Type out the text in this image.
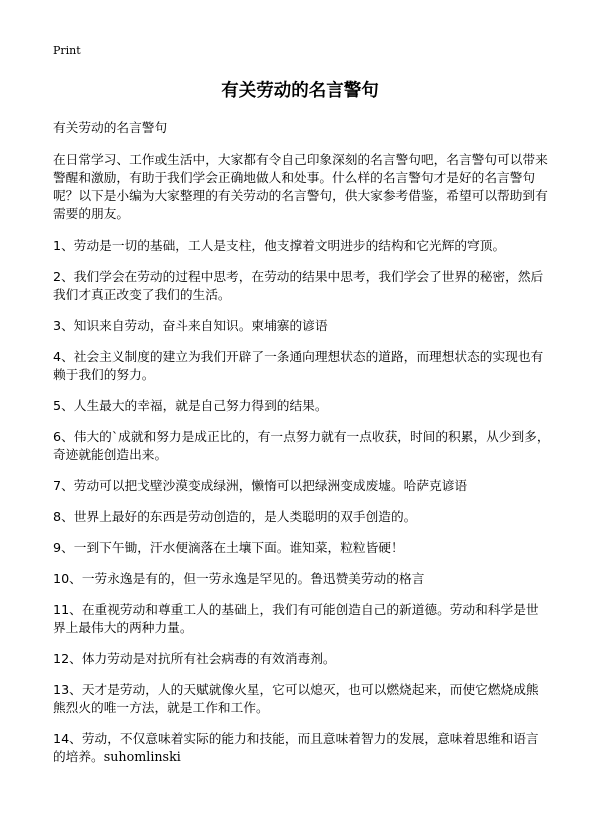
Print
有关劳动的名言警句

有关劳动的名言警句

在日常学习、工作或生活中，大家都有令自己印象深刻的名言警句吧，名言警句可以带来警醒和激励，有助于我们学会正确地做人和处事。什么样的名言警句才是好的名言警句呢？以下是小编为大家整理的有关劳动的名言警句，供大家参考借鉴，希望可以帮助到有需要的朋友。

1、劳动是一切的基础，工人是支柱，他支撑着文明进步的结构和它光辉的穹顶。

2、我们学会在劳动的过程中思考，在劳动的结果中思考，我们学会了世界的秘密，然后我们才真正改变了我们的生活。

3、知识来自劳动，奋斗来自知识。柬埔寨的谚语

4、社会主义制度的建立为我们开辟了一条通向理想状态的道路，而理想状态的实现也有赖于我们的努力。

5、人生最大的幸福，就是自己努力得到的结果。

6、伟大的`成就和努力是成正比的，有一点努力就有一点收获，时间的积累，从少到多，奇迹就能创造出来。

7、劳动可以把戈壁沙漠变成绿洲，懒惰可以把绿洲变成废墟。哈萨克谚语

8、世界上最好的东西是劳动创造的，是人类聪明的双手创造的。

9、一到下午锄，汗水便滴落在土壤下面。谁知菜，粒粒皆硬！

10、一劳永逸是有的，但一劳永逸是罕见的。鲁迅赞美劳动的格言

11、在重视劳动和尊重工人的基础上，我们有可能创造自己的新道德。劳动和科学是世界上最伟大的两种力量。

12、体力劳动是对抗所有社会病毒的有效消毒剂。

13、天才是劳动，人的天赋就像火星，它可以熄灭，也可以燃烧起来，而使它燃烧成熊熊烈火的唯一方法，就是工作和工作。

14、劳动，不仅意味着实际的能力和技能，而且意味着智力的发展，意味着思维和语言的培养。suhomlinski
